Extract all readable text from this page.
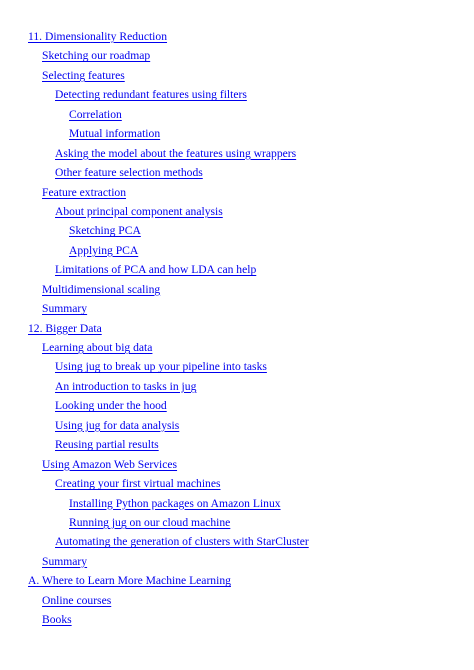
11. Dimensionality Reduction
Sketching our roadmap
Selecting features
Detecting redundant features using filters
Correlation
Mutual information
Asking the model about the features using wrappers
Other feature selection methods
Feature extraction
About principal component analysis
Sketching PCA
Applying PCA
Limitations of PCA and how LDA can help
Multidimensional scaling
Summary
12. Bigger Data
Learning about big data
Using jug to break up your pipeline into tasks
An introduction to tasks in jug
Looking under the hood
Using jug for data analysis
Reusing partial results
Using Amazon Web Services
Creating your first virtual machines
Installing Python packages on Amazon Linux
Running jug on our cloud machine
Automating the generation of clusters with StarCluster
Summary
A. Where to Learn More Machine Learning
Online courses
Books
